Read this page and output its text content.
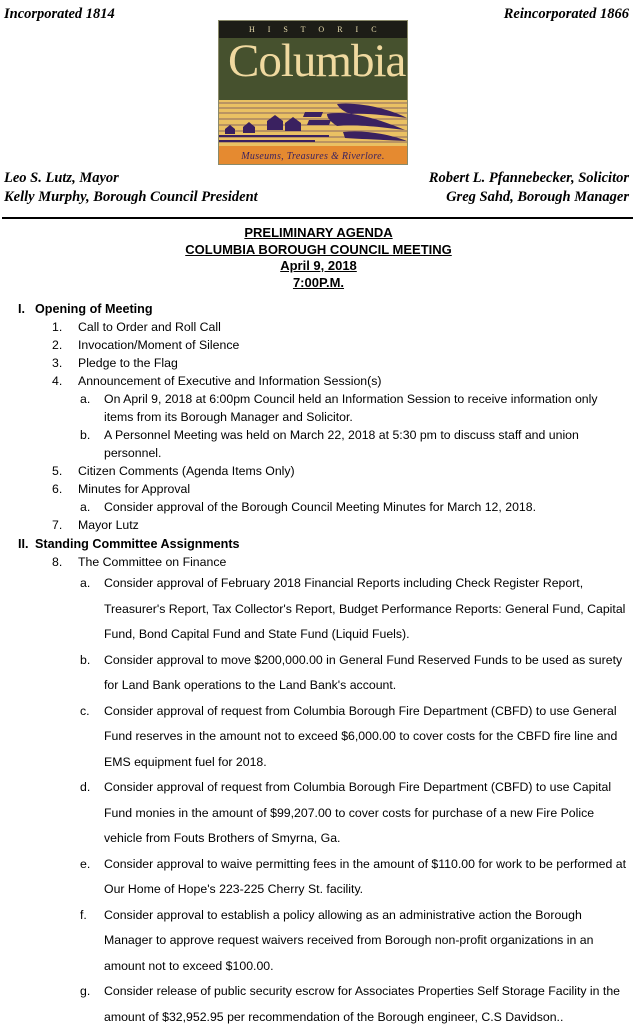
Incorporated 1814	Reincorporated 1866
H I S T O R I C
Columbia
Museums, Treasures & Riverlore.
Leo S. Lutz, Mayor	Robert L. Pfannebecker, Solicitor
Kelly Murphy, Borough Council President	Greg Sahd, Borough Manager
PRELIMINARY AGENDA
COLUMBIA BOROUGH COUNCIL MEETING
April 9, 2018
7:00P.M.
I. Opening of Meeting
1.	Call to Order and Roll Call
2.	Invocation/Moment of Silence
3.	Pledge to the Flag
4.	Announcement of Executive and Information Session(s)
a.	On April 9, 2018 at 6:00pm Council held an Information Session to receive information only items from its Borough Manager and Solicitor.
b.	A Personnel Meeting was held on March 22, 2018 at 5:30 pm to discuss staff and union personnel.
5.	Citizen Comments (Agenda Items Only)
6.	Minutes for Approval
a.	Consider approval of the Borough Council Meeting Minutes for March 12, 2018.
7.	Mayor Lutz
II. Standing Committee Assignments
8.	The Committee on Finance
a.	Consider approval of February 2018 Financial Reports including Check Register Report, Treasurer's Report, Tax Collector's Report, Budget Performance Reports: General Fund, Capital Fund, Bond Capital Fund and State Fund (Liquid Fuels).
b.	Consider approval to move $200,000.00 in General Fund Reserved Funds to be used as surety for Land Bank operations to the Land Bank's account.
c.	Consider approval of request from Columbia Borough Fire Department (CBFD) to use General Fund reserves in the amount not to exceed $6,000.00 to cover costs for the CBFD fire line and EMS equipment fuel for 2018.
d.	Consider approval of request from Columbia Borough Fire Department (CBFD) to use Capital Fund monies in the amount of $99,207.00 to cover costs for purchase of a new Fire Police vehicle from Fouts Brothers of Smyrna, Ga.
e.	Consider approval to waive permitting fees in the amount of $110.00 for work to be performed at Our Home of Hope's 223-225 Cherry St. facility.
f.	Consider approval to establish a policy allowing as an administrative action the Borough Manager to approve request waivers received from Borough non-profit organizations in an amount not to exceed $100.00.
g.	Consider release of public security escrow for Associates Properties Self Storage Facility in the amount of $32,952.95 per recommendation of the Borough engineer, C.S Davidson..
